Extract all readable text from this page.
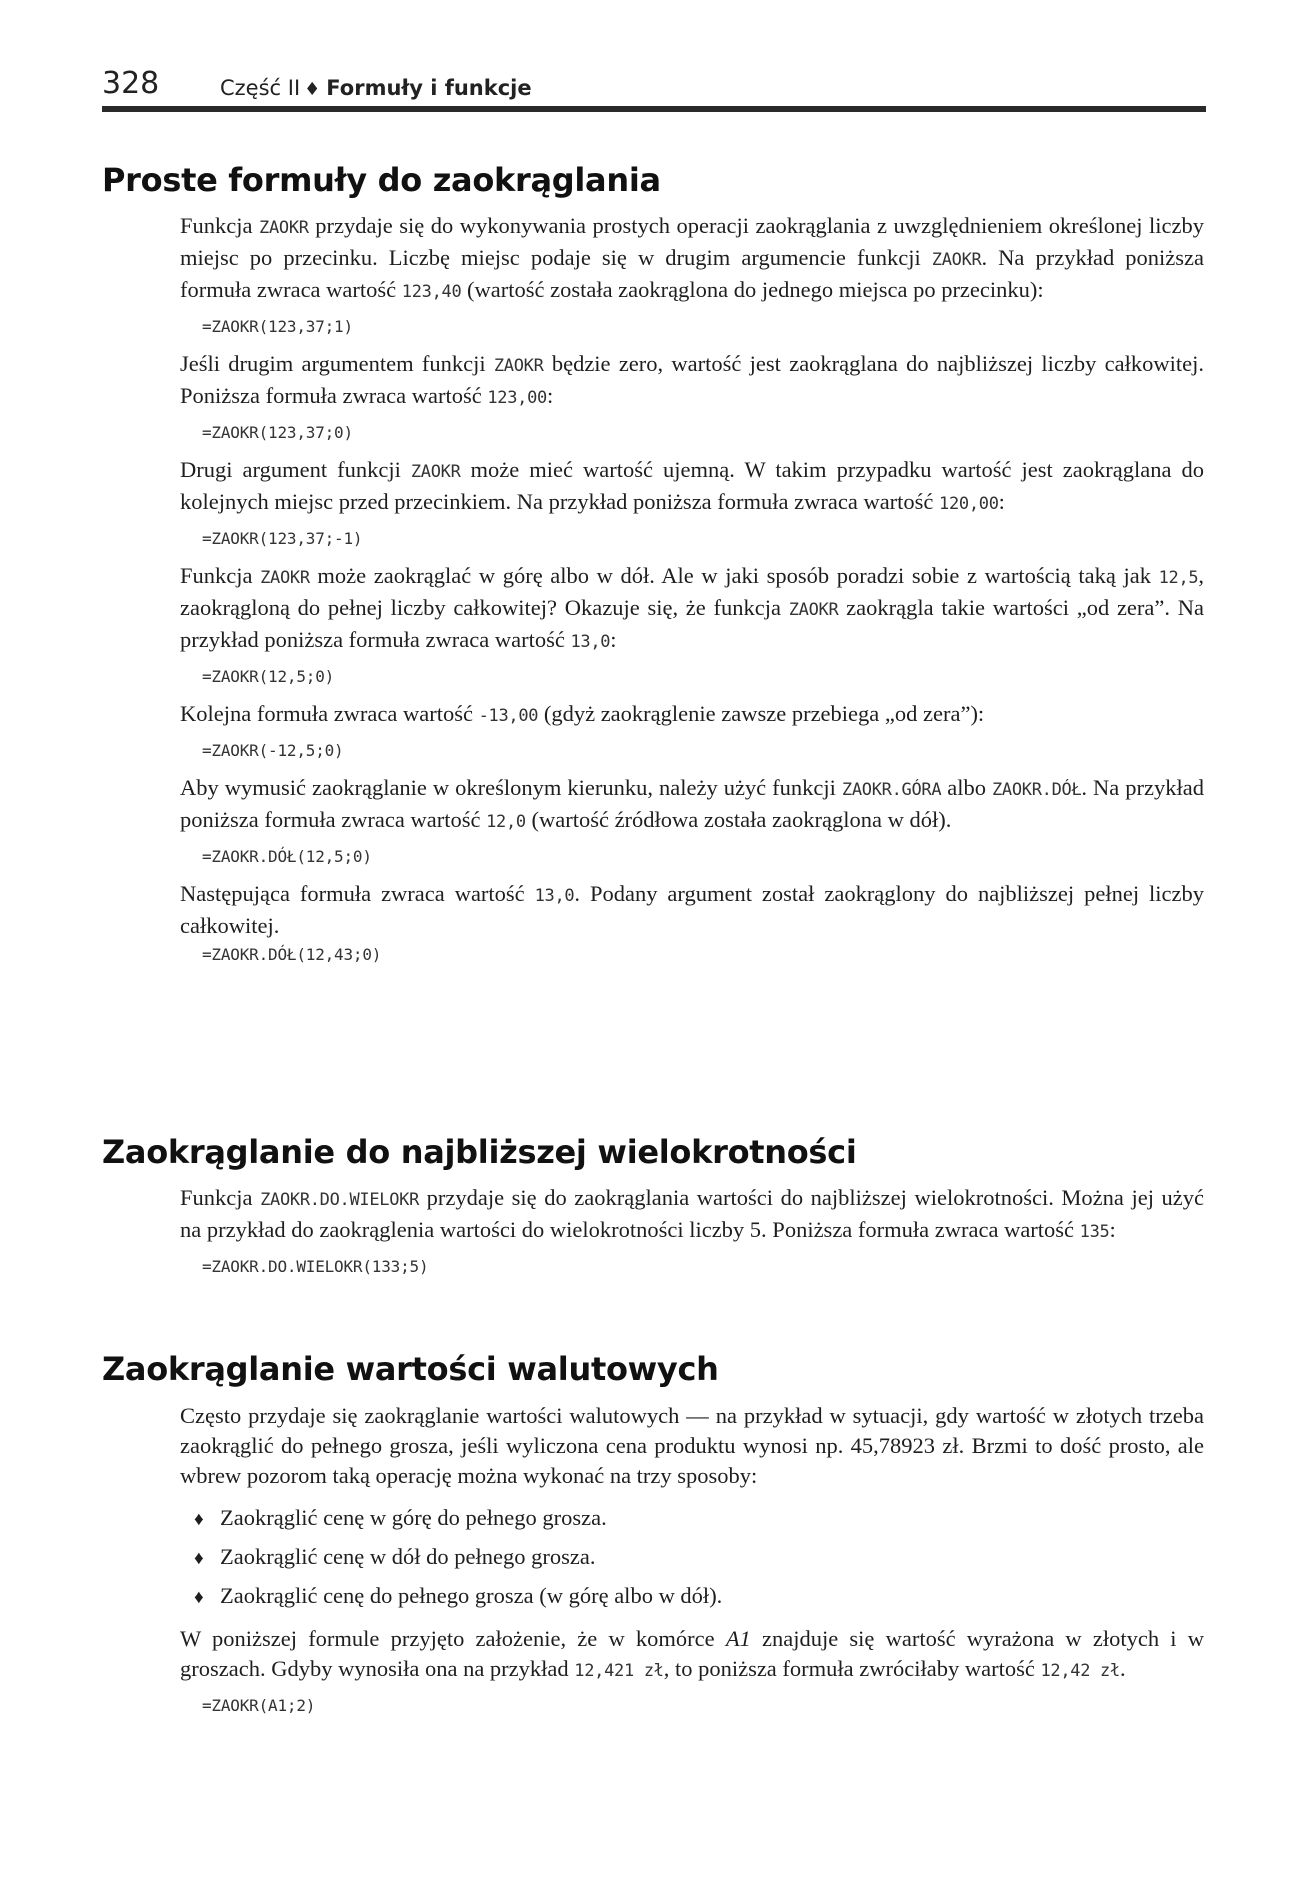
328	Część II ♦ Formuły i funkcje
Proste formuły do zaokrąglania

Funkcja ZAOKR przydaje się do wykonywania prostych operacji zaokrąglania z uwzględnieniem określonej liczby miejsc po przecinku. Liczbę miejsc podaje się w drugim argumencie funkcji ZAOKR. Na przykład poniższa formuła zwraca wartość 123,40 (wartość została zaokrąglona do jednego miejsca po przecinku):

=ZAOKR(123,37;1)

Jeśli drugim argumentem funkcji ZAOKR będzie zero, wartość jest zaokrąglana do najbliższej liczby całkowitej. Poniższa formuła zwraca wartość 123,00:

=ZAOKR(123,37;0)

Drugi argument funkcji ZAOKR może mieć wartość ujemną. W takim przypadku wartość jest zaokrąglana do kolejnych miejsc przed przecinkiem. Na przykład poniższa formuła zwraca wartość 120,00:

=ZAOKR(123,37;-1)

Funkcja ZAOKR może zaokrąglać w górę albo w dół. Ale w jaki sposób poradzi sobie z wartością taką jak 12,5, zaokrągloną do pełnej liczby całkowitej? Okazuje się, że funkcja ZAOKR zaokrągla takie wartości „od zera”. Na przykład poniższa formuła zwraca wartość 13,0:

=ZAOKR(12,5;0)

Kolejna formuła zwraca wartość -13,00 (gdyż zaokrąglenie zawsze przebiega „od zera”):

=ZAOKR(-12,5;0)

Aby wymusić zaokrąglanie w określonym kierunku, należy użyć funkcji ZAOKR.GÓRA albo ZAOKR.DÓŁ. Na przykład poniższa formuła zwraca wartość 12,0 (wartość źródłowa została zaokrąglona w dół).

=ZAOKR.DÓŁ(12,5;0)

Następująca formuła zwraca wartość 13,0. Podany argument został zaokrąglony do najbliższej pełnej liczby całkowitej.

=ZAOKR.DÓŁ(12,43;0)
Zaokrąglanie do najbliższej wielokrotności

Funkcja ZAOKR.DO.WIELOKR przydaje się do zaokrąglania wartości do najbliższej wielokrotności. Można jej użyć na przykład do zaokrąglenia wartości do wielokrotności liczby 5. Poniższa formuła zwraca wartość 135:

=ZAOKR.DO.WIELOKR(133;5)
Zaokrąglanie wartości walutowych

Często przydaje się zaokrąglanie wartości walutowych — na przykład w sytuacji, gdy wartość w złotych trzeba zaokrąglić do pełnego grosza, jeśli wyliczona cena produktu wynosi np. 45,78923 zł. Brzmi to dość prosto, ale wbrew pozorom taką operację można wykonać na trzy sposoby:

♦ Zaokrąglić cenę w górę do pełnego grosza.
♦ Zaokrąglić cenę w dół do pełnego grosza.
♦ Zaokrąglić cenę do pełnego grosza (w górę albo w dół).

W poniższej formule przyjęto założenie, że w komórce A1 znajduje się wartość wyrażona w złotych i w groszach. Gdyby wynosiła ona na przykład 12,421 zł, to poniższa formuła zwróciłaby wartość 12,42 zł.

=ZAOKR(A1;2)
